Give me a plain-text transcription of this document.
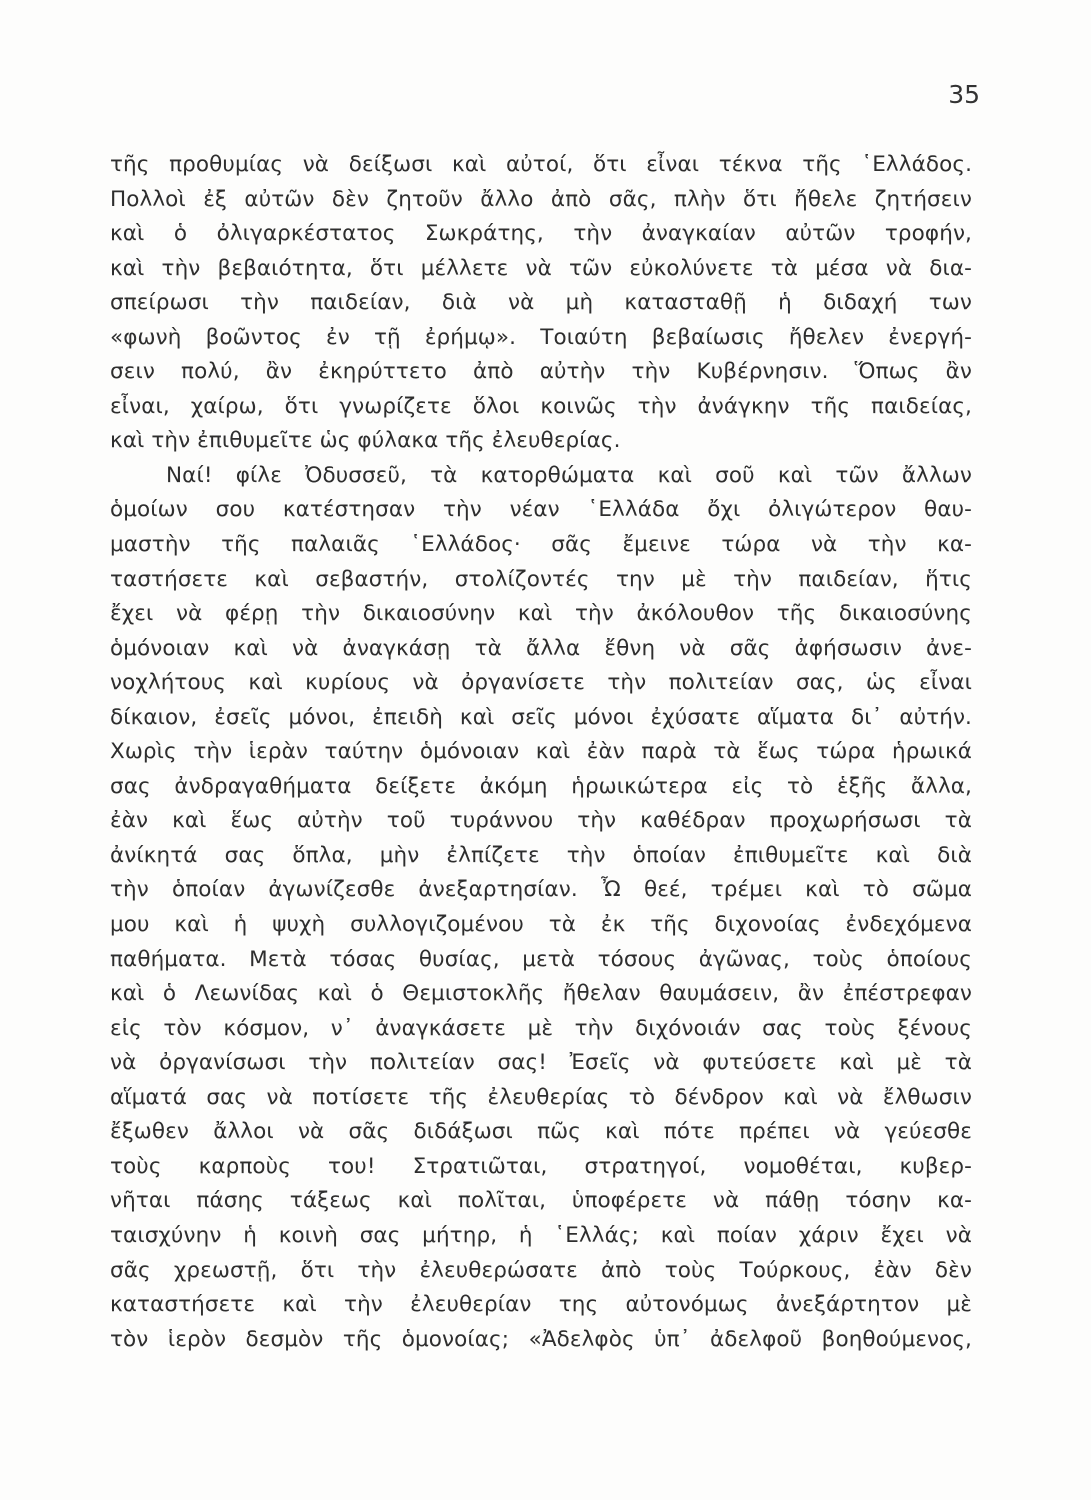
35
τῆς προθυμίας νὰ δείξωσι καὶ αὐτοί, ὅτι εἶναι τέκνα τῆς ῾Ελλάδος.
Πολλοὶ ἐξ αὐτῶν δὲν ζητοῦν ἄλλο ἀπὸ σᾶς, πλὴν ὅτι ἤθελε ζητήσειν
καὶ ὁ ὀλιγαρκέστατος Σωκράτης, τὴν ἀναγκαίαν αὐτῶν τροφήν,
καὶ τὴν βεβαιότητα, ὅτι μέλλετε νὰ τῶν εὐκολύνετε τὰ μέσα νὰ δια-
σπείρωσι τὴν παιδείαν, διὰ νὰ μὴ κατασταθῇ ἡ διδαχή των
«φωνὴ βοῶντος ἐν τῇ ἐρήμῳ». Τοιαύτη βεβαίωσις ἤθελεν ἐνεργή-
σειν πολύ, ἂν ἐκηρύττετο ἀπὸ αὐτὴν τὴν Κυβέρνησιν. Ὅπως ἂν
εἶναι, χαίρω, ὅτι γνωρίζετε ὅλοι κοινῶς τὴν ἀνάγκην τῆς παιδείας,
καὶ τὴν ἐπιθυμεῖτε ὡς φύλακα τῆς ἐλευθερίας.
Ναί! φίλε Ὀδυσσεῦ, τὰ κατορθώματα καὶ σοῦ καὶ τῶν ἄλλων
ὁμοίων σου κατέστησαν τὴν νέαν ῾Ελλάδα ὄχι ὀλιγώτερον θαυ-
μαστὴν τῆς παλαιᾶς ῾Ελλάδος· σᾶς ἔμεινε τώρα νὰ τὴν κα-
ταστήσετε καὶ σεβαστήν, στολίζοντές την μὲ τὴν παιδείαν, ἥτις
ἔχει νὰ φέρῃ τὴν δικαιοσύνην καὶ τὴν ἀκόλουθον τῆς δικαιοσύνης
ὁμόνοιαν καὶ νὰ ἀναγκάσῃ τὰ ἄλλα ἔθνη νὰ σᾶς ἀφήσωσιν ἀνε-
νοχλήτους καὶ κυρίους νὰ ὀργανίσετε τὴν πολιτείαν σας, ὡς εἶναι
δίκαιον, ἐσεῖς μόνοι, ἐπειδὴ καὶ σεῖς μόνοι ἐχύσατε αἵματα δι᾿ αὐτήν.
Χωρὶς τὴν ἱερὰν ταύτην ὁμόνοιαν καὶ ἐὰν παρὰ τὰ ἕως τώρα ἡρωικά
σας ἀνδραγαθήματα δείξετε ἀκόμη ἡρωικώτερα εἰς τὸ ἑξῆς ἄλλα,
ἐὰν καὶ ἕως αὐτὴν τοῦ τυράννου τὴν καθέδραν προχωρήσωσι τὰ
ἀνίκητά σας ὅπλα, μὴν ἐλπίζετε τὴν ὁποίαν ἐπιθυμεῖτε καὶ διὰ
τὴν ὁποίαν ἀγωνίζεσθε ἀνεξαρτησίαν. Ὦ θεέ, τρέμει καὶ τὸ σῶμα
μου καὶ ἡ ψυχὴ συλλογιζομένου τὰ ἐκ τῆς διχονοίας ἐνδεχόμενα
παθήματα. Μετὰ τόσας θυσίας, μετὰ τόσους ἀγῶνας, τοὺς ὁποίους
καὶ ὁ Λεωνίδας καὶ ὁ Θεμιστοκλῆς ἤθελαν θαυμάσειν, ἂν ἐπέστρεφαν
εἰς τὸν κόσμον, ν᾿ ἀναγκάσετε μὲ τὴν διχόνοιάν σας τοὺς ξένους
νὰ ὀργανίσωσι τὴν πολιτείαν σας! Ἐσεῖς νὰ φυτεύσετε καὶ μὲ τὰ
αἵματά σας νὰ ποτίσετε τῆς ἐλευθερίας τὸ δένδρον καὶ νὰ ἔλθωσιν
ἔξωθεν ἄλλοι νὰ σᾶς διδάξωσι πῶς καὶ πότε πρέπει νὰ γεύεσθε
τοὺς καρποὺς του! Στρατιῶται, στρατηγοί, νομοθέται, κυβερ-
νῆται πάσης τάξεως καὶ πολῖται, ὑποφέρετε νὰ πάθῃ τόσην κα-
ταισχύνην ἡ κοινὴ σας μήτηρ, ἡ ῾Ελλάς; καὶ ποίαν χάριν ἔχει νὰ
σᾶς χρεωστῇ, ὅτι τὴν ἐλευθερώσατε ἀπὸ τοὺς Τούρκους, ἐὰν δὲν
καταστήσετε καὶ τὴν ἐλευθερίαν της αὐτονόμως ἀνεξάρτητον μὲ
τὸν ἱερὸν δεσμὸν τῆς ὁμονοίας; «Ἀδελφὸς ὑπ᾿ ἀδελφοῦ βοηθούμενος,
